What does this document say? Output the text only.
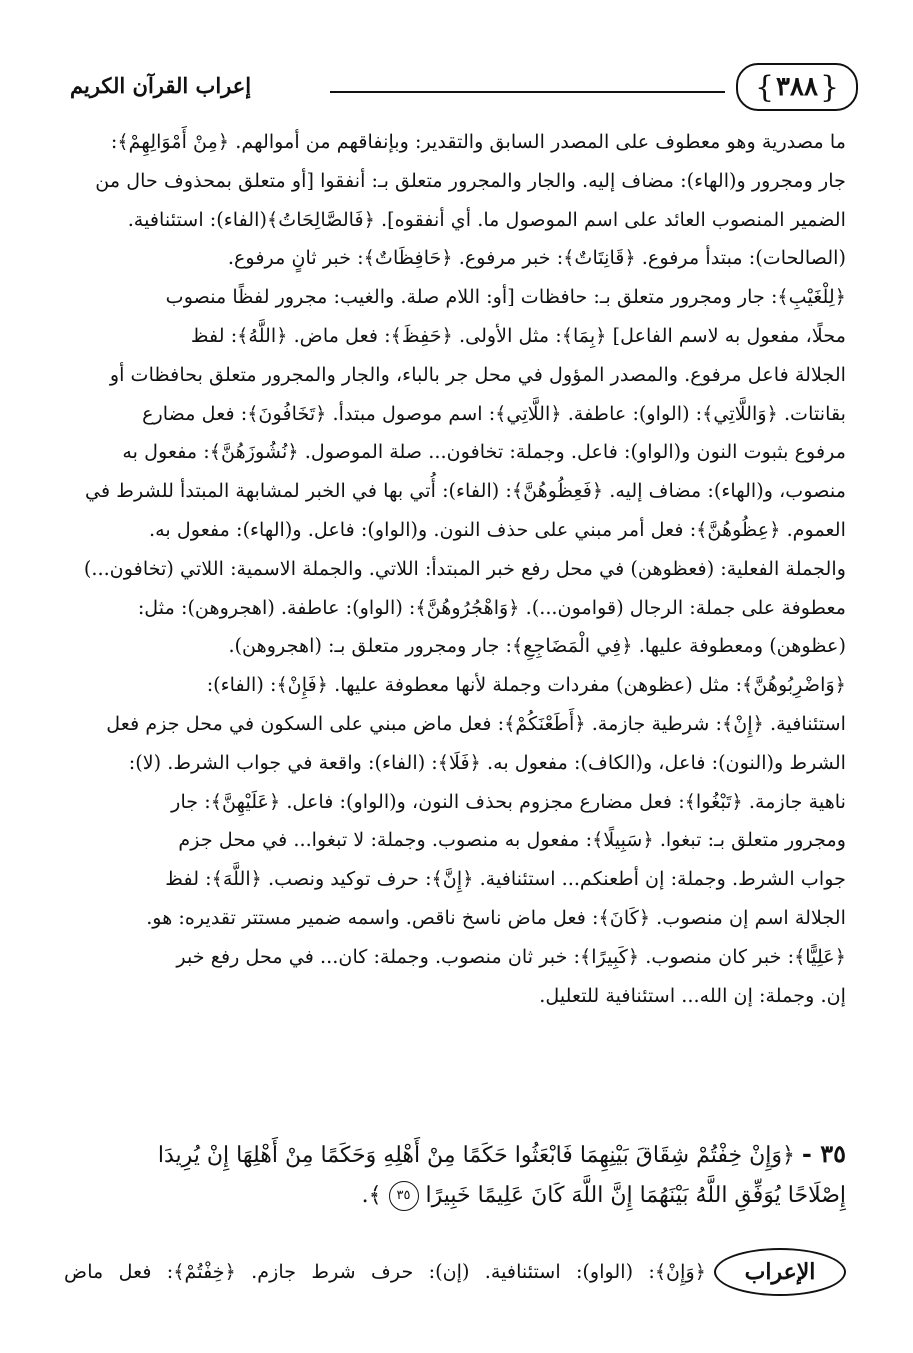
{
٣٨٨
}
إعراب القرآن الكريم
ما مصدرية وهو معطوف على المصدر السابق والتقدير: وبإنفاقهم من أموالهم. ﴿مِنْ أَمْوَالِهِمْ﴾:
جار ومجرور و(الهاء): مضاف إليه. والجار والمجرور متعلق بـ: أنفقوا [أو متعلق بمحذوف حال من
الضمير المنصوب العائد على اسم الموصول ما. أي أنفقوه]. ﴿فَالصَّالِحَاتُ﴾(الفاء): استئنافية.
(الصالحات): مبتدأ مرفوع. ﴿قَانِتَاتٌ﴾: خبر مرفوع. ﴿حَافِظَاتٌ﴾: خبر ثانٍ مرفوع.
﴿لِلْغَيْبِ﴾: جار ومجرور متعلق بـ: حافظات [أو: اللام صلة. والغيب: مجرور لفظًا منصوب
محلًا، مفعول به لاسم الفاعل] ﴿بِمَا﴾: مثل الأولى. ﴿حَفِظَ﴾: فعل ماض. ﴿اللَّهُ﴾: لفظ
الجلالة فاعل مرفوع. والمصدر المؤول في محل جر بالباء، والجار والمجرور متعلق بحافظات أو
بقانتات. ﴿وَاللَّاتِي﴾: (الواو): عاطفة. ﴿اللَّاتِي﴾: اسم موصول مبتدأ. ﴿تَخَافُونَ﴾: فعل مضارع
مرفوع بثبوت النون و(الواو): فاعل. وجملة: تخافون... صلة الموصول. ﴿نُشُوزَهُنَّ﴾: مفعول به
منصوب، و(الهاء): مضاف إليه. ﴿فَعِظُوهُنَّ﴾: (الفاء): أُتي بها في الخبر لمشابهة المبتدأ للشرط في
العموم. ﴿عِظُوهُنَّ﴾: فعل أمر مبني على حذف النون. و(الواو): فاعل. و(الهاء): مفعول به.
والجملة الفعلية: (فعظوهن) في محل رفع خبر المبتدأ: اللاتي. والجملة الاسمية: اللاتي (تخافون...)
معطوفة على جملة: الرجال (قوامون...). ﴿وَاهْجُرُوهُنَّ﴾: (الواو): عاطفة. (اهجروهن): مثل:
(عظوهن) ومعطوفة عليها. ﴿فِي الْمَضَاجِعِ﴾: جار ومجرور متعلق بـ: (اهجروهن).
﴿وَاضْرِبُوهُنَّ﴾: مثل (عظوهن) مفردات وجملة لأنها معطوفة عليها. ﴿فَإِنْ﴾: (الفاء):
استئنافية. ﴿إِنْ﴾: شرطية جازمة. ﴿أَطَعْنَكُمْ﴾: فعل ماض مبني على السكون في محل جزم فعل
الشرط و(النون): فاعل، و(الكاف): مفعول به. ﴿فَلَا﴾: (الفاء): واقعة في جواب الشرط. (لا):
ناهية جازمة. ﴿تَبْغُوا﴾: فعل مضارع مجزوم بحذف النون، و(الواو): فاعل. ﴿عَلَيْهِنَّ﴾: جار
ومجرور متعلق بـ: تبغوا. ﴿سَبِيلًا﴾: مفعول به منصوب. وجملة: لا تبغوا... في محل جزم
جواب الشرط. وجملة: إن أطعنكم... استئنافية. ﴿إِنَّ﴾: حرف توكيد ونصب. ﴿اللَّهَ﴾: لفظ
الجلالة اسم إن منصوب. ﴿كَانَ﴾: فعل ماض ناسخ ناقص. واسمه ضمير مستتر تقديره: هو.
﴿عَلِيًّا﴾: خبر كان منصوب. ﴿كَبِيرًا﴾: خبر ثان منصوب. وجملة: كان... في محل رفع خبر
إن. وجملة: إن الله... استئنافية للتعليل.
٣٥ - ﴿وَإِنْ خِفْتُمْ شِقَاقَ بَيْنِهِمَا فَابْعَثُوا حَكَمًا مِنْ أَهْلِهِ وَحَكَمًا مِنْ أَهْلِهَا إِنْ يُرِيدَا
إِصْلَاحًا يُوَفِّقِ اللَّهُ بَيْنَهُمَا إِنَّ اللَّهَ كَانَ عَلِيمًا خَبِيرًا ٣٥ ﴾.
الإعراب
﴿وَإِنْ﴾: (الواو): استئنافية. (إن): حرف شرط جازم. ﴿خِفْتُمْ﴾: فعل ماض
